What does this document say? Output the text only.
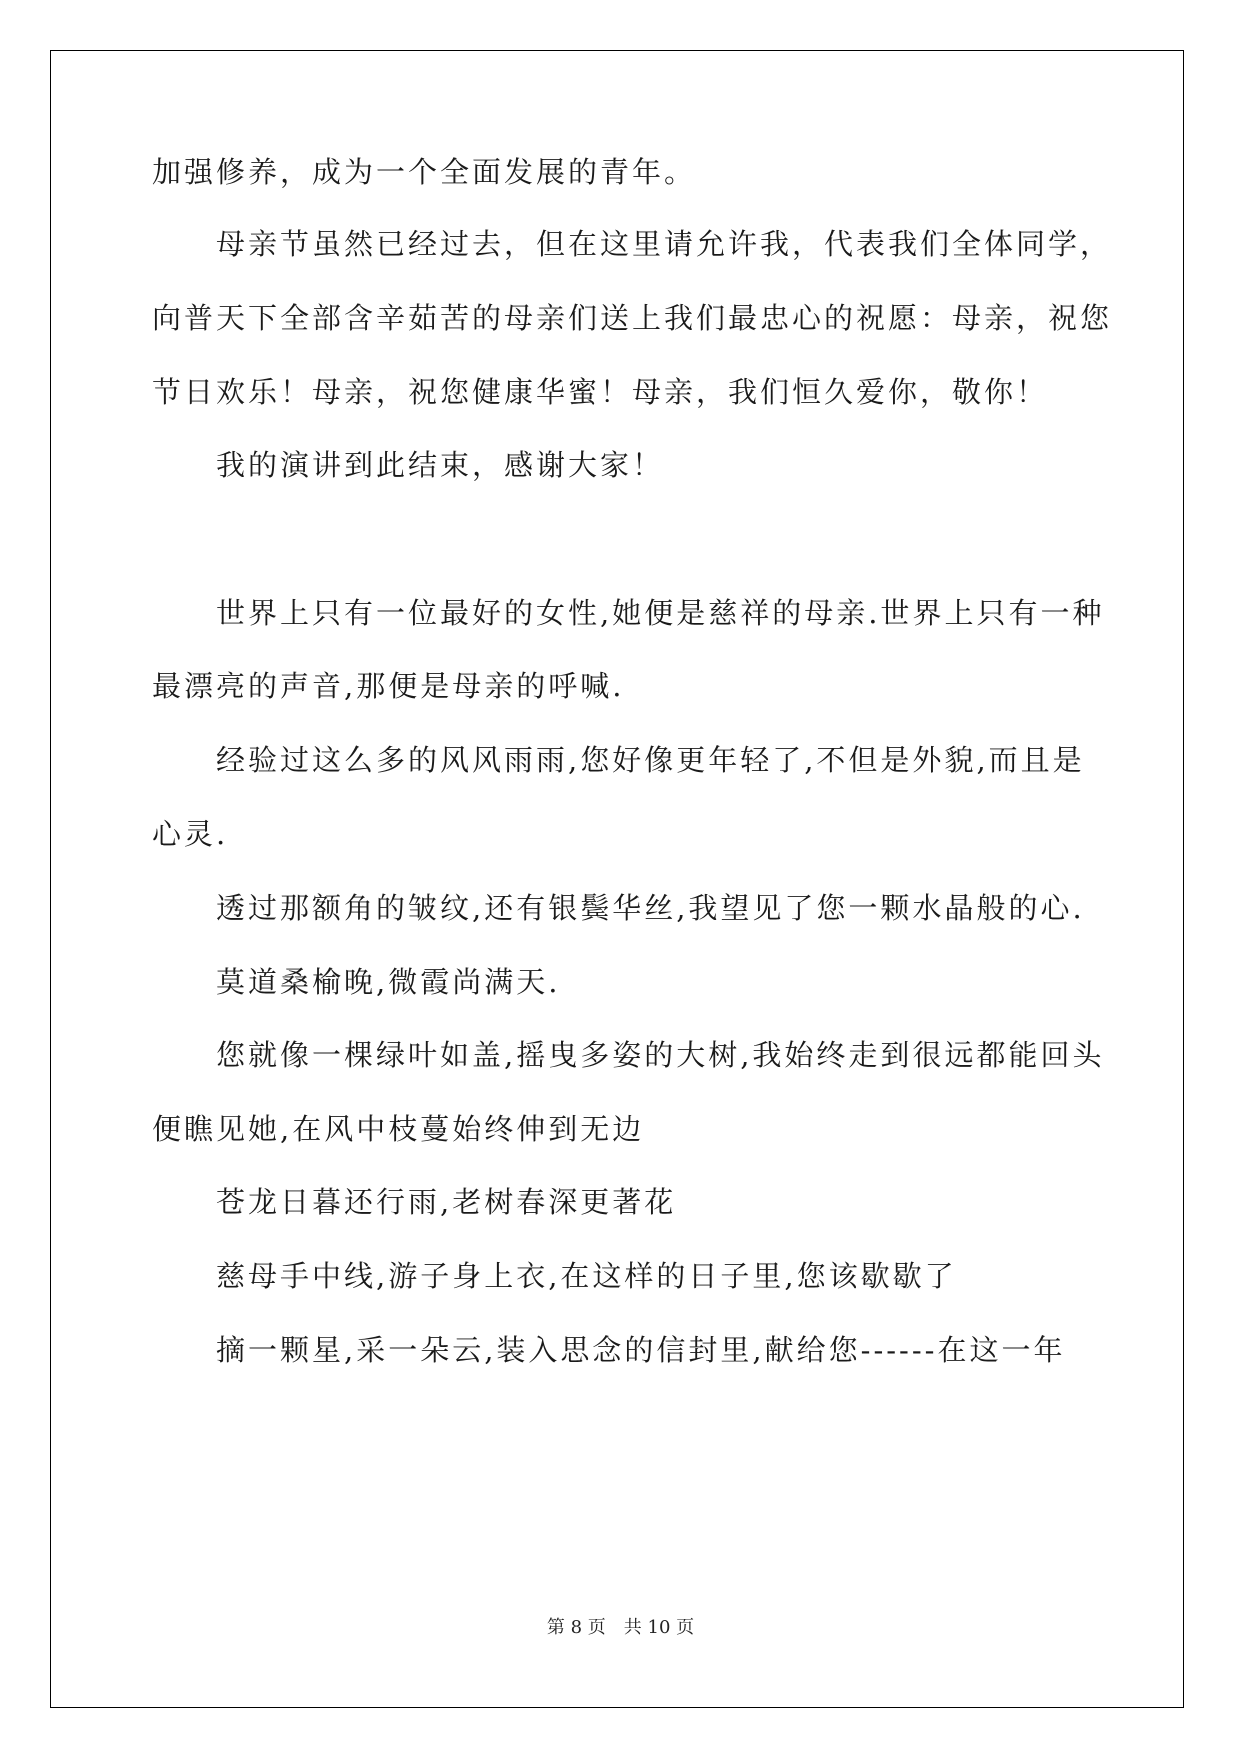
加强修养，成为一个全面发展的青年。
母亲节虽然已经过去，但在这里请允许我，代表我们全体同学，
向普天下全部含辛茹苦的母亲们送上我们最忠心的祝愿：母亲，祝您
节日欢乐！母亲，祝您健康华蜜！母亲，我们恒久爱你，敬你！
我的演讲到此结束，感谢大家！
世界上只有一位最好的女性,她便是慈祥的母亲.世界上只有一种
最漂亮的声音,那便是母亲的呼喊.
经验过这么多的风风雨雨,您好像更年轻了,不但是外貌,而且是
心灵.
透过那额角的皱纹,还有银鬓华丝,我望见了您一颗水晶般的心.
莫道桑榆晚,微霞尚满天.
您就像一棵绿叶如盖,摇曳多姿的大树,我始终走到很远都能回头
便瞧见她,在风中枝蔓始终伸到无边
苍龙日暮还行雨,老树春深更著花
慈母手中线,游子身上衣,在这样的日子里,您该歇歇了
摘一颗星,采一朵云,装入思念的信封里,献给您------在这一年
第 8 页　共 10 页
